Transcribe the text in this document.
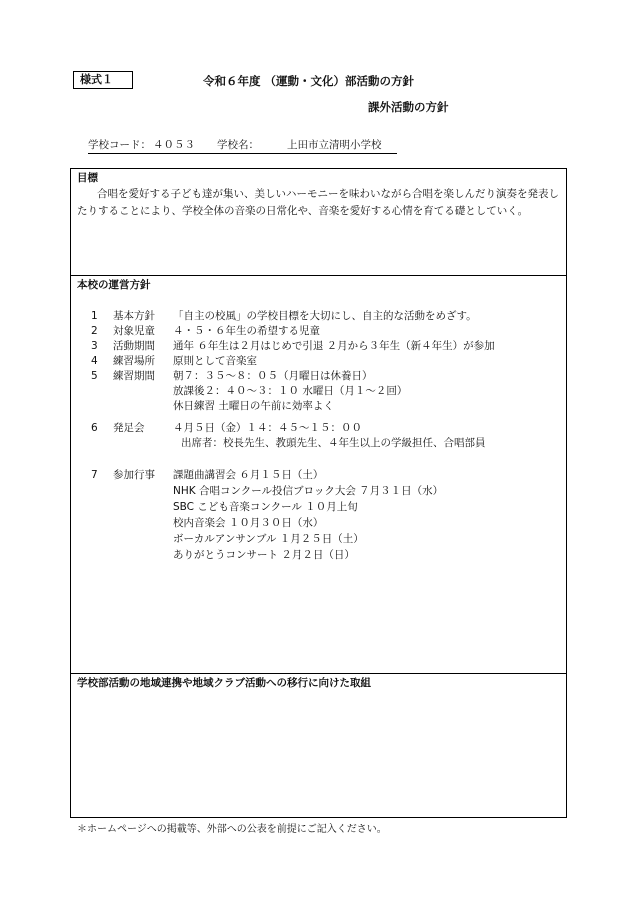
様式１	令和６年度 （運動・文化）部活動の方針
課外活動の方針
学校コード： ４０５３ 学校名：	上田市立清明小学校
目標
合唱を愛好する子ども達が集い、美しいハーモニーを味わいながら合唱を楽しんだり演奏を発表したりすることにより、学校全体の音楽の日常化や、音楽を愛好する心情を育てる礎としていく。
本校の運営方針
1 基本方針 「自主の校風」の学校目標を大切にし、自主的な活動をめざす。
2 対象児童 ４・５・６年生の希望する児童
3 活動期間 通年 ６年生は２月はじめで引退 ２月から３年生（新４年生）が参加
4 練習場所 原則として音楽室
5 練習期間 朝７：３５～８：０５（月曜日は休養日）
放課後２：４０～３：１０ 水曜日（月１～２回）
休日練習 土曜日の午前に効率よく
6 発足会	４月５日（金）１４：４５～１５：００
出席者：校長先生、教頭先生、４年生以上の学級担任、合唱部員
7 参加行事 課題曲講習会 ６月１５日（土）
NHK 合唱コンクール投信ブロック大会 ７月３１日（水）
SBC こども音楽コンクール １０月上旬
校内音楽会 １０月３０日（水）
ボーカルアンサンブル １月２５日（土）
ありがとうコンサート ２月２日（日）
学校部活動の地域連携や地域クラブ活動への移行に向けた取組
＊ホームページへの掲載等、外部への公表を前提にご記入ください。
